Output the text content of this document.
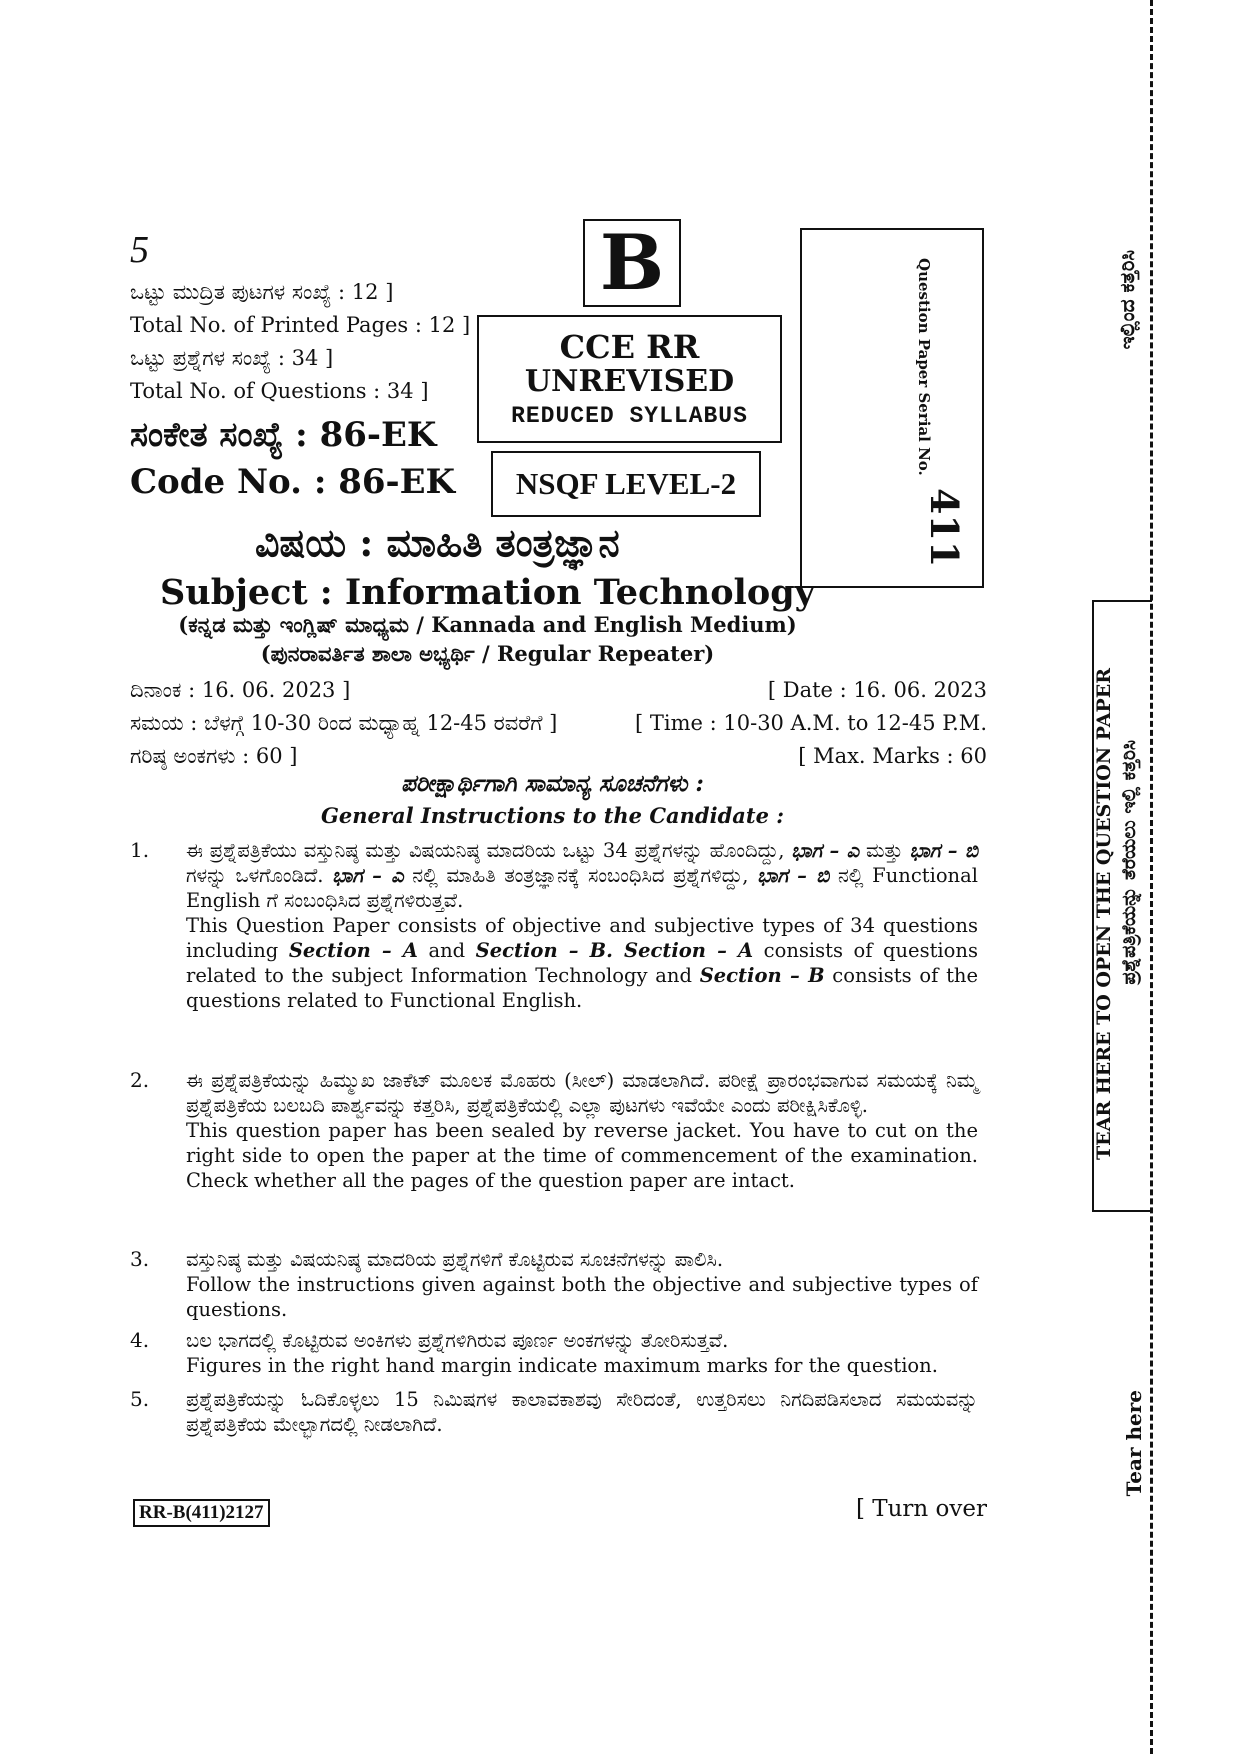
5
ಒಟ್ಟು ಮುದ್ರಿತ ಪುಟಗಳ ಸಂಖ್ಯೆ : 12 ]
Total No. of Printed Pages : 12 ]
ಒಟ್ಟು ಪ್ರಶ್ನೆಗಳ ಸಂಖ್ಯೆ : 34 ]
Total No. of Questions : 34 ]
ಸಂಕೇತ ಸಂಖ್ಯೆ : 86-EK
Code No. : 86-EK
B
CCE RR
UNREVISED
REDUCED SYLLABUS
NSQF LEVEL-2
Question Paper Serial No.
411
ವಿಷಯ : ಮಾಹಿತಿ ತಂತ್ರಜ್ಞಾನ
Subject : Information Technology
(ಕನ್ನಡ ಮತ್ತು ಇಂಗ್ಲಿಷ್ ಮಾಧ್ಯಮ / Kannada and English Medium)
(ಪುನರಾವರ್ತಿತ ಶಾಲಾ ಅಭ್ಯರ್ಥಿ / Regular Repeater)
ದಿನಾಂಕ : 16. 06. 2023 ]	[ Date : 16. 06. 2023
ಸಮಯ : ಬೆಳಗ್ಗೆ 10-30 ರಿಂದ ಮಧ್ಯಾಹ್ನ 12-45 ರವರೆಗೆ ]	[ Time : 10-30 A.M. to 12-45 P.M.
ಗರಿಷ್ಠ ಅಂಕಗಳು : 60 ]	[ Max. Marks : 60
ಪರೀಕ್ಷಾರ್ಥಿಗಾಗಿ ಸಾಮಾನ್ಯ ಸೂಚನೆಗಳು :
General Instructions to the Candidate :
1. ಈ ಪ್ರಶ್ನೆಪತ್ರಿಕೆಯು ವಸ್ತುನಿಷ್ಠ ಮತ್ತು ವಿಷಯನಿಷ್ಠ ಮಾದರಿಯ ಒಟ್ಟು 34 ಪ್ರಶ್ನೆಗಳನ್ನು ಹೊಂದಿದ್ದು, ಭಾಗ – ಎ ಮತ್ತು ಭಾಗ – ಬಿ ಗಳನ್ನು ಒಳಗೊಂಡಿದೆ. ಭಾಗ – ಎ ನಲ್ಲಿ ಮಾಹಿತಿ ತಂತ್ರಜ್ಞಾನಕ್ಕೆ ಸಂಬಂಧಿಸಿದ ಪ್ರಶ್ನೆಗಳಿದ್ದು, ಭಾಗ – ಬಿ ನಲ್ಲಿ Functional English ಗೆ ಸಂಬಂಧಿಸಿದ ಪ್ರಶ್ನೆಗಳಿರುತ್ತವೆ.

This Question Paper consists of objective and subjective types of 34 questions including Section – A and Section – B. Section – A consists of questions related to the subject Information Technology and Section – B consists of the questions related to Functional English.

2. ಈ ಪ್ರಶ್ನೆಪತ್ರಿಕೆಯನ್ನು ಹಿಮ್ಮುಖ ಜಾಕೆಟ್ ಮೂಲಕ ಮೊಹರು (ಸೀಲ್) ಮಾಡಲಾಗಿದೆ. ಪರೀಕ್ಷೆ ಪ್ರಾರಂಭವಾಗುವ ಸಮಯಕ್ಕೆ ನಿಮ್ಮ ಪ್ರಶ್ನೆಪತ್ರಿಕೆಯ ಬಲಬದಿ ಪಾರ್ಶ್ವವನ್ನು ಕತ್ತರಿಸಿ, ಪ್ರಶ್ನೆಪತ್ರಿಕೆಯಲ್ಲಿ ಎಲ್ಲಾ ಪುಟಗಳು ಇವೆಯೇ ಎಂದು ಪರೀಕ್ಷಿಸಿಕೊಳ್ಳಿ.

This question paper has been sealed by reverse jacket. You have to cut on the right side to open the paper at the time of commencement of the examination. Check whether all the pages of the question paper are intact.

3. ವಸ್ತುನಿಷ್ಠ ಮತ್ತು ವಿಷಯನಿಷ್ಠ ಮಾದರಿಯ ಪ್ರಶ್ನೆಗಳಿಗೆ ಕೊಟ್ಟಿರುವ ಸೂಚನೆಗಳನ್ನು ಪಾಲಿಸಿ.

Follow the instructions given against both the objective and subjective types of questions.

4. ಬಲ ಭಾಗದಲ್ಲಿ ಕೊಟ್ಟಿರುವ ಅಂಕಿಗಳು ಪ್ರಶ್ನೆಗಳಿಗಿರುವ ಪೂರ್ಣ ಅಂಕಗಳನ್ನು ತೋರಿಸುತ್ತವೆ.

Figures in the right hand margin indicate maximum marks for the question.

5. ಪ್ರಶ್ನೆಪತ್ರಿಕೆಯನ್ನು ಓದಿಕೊಳ್ಳಲು 15 ನಿಮಿಷಗಳ ಕಾಲಾವಕಾಶವು ಸೇರಿದಂತೆ, ಉತ್ತರಿಸಲು ನಿಗದಿಪಡಿಸಲಾದ ಸಮಯವನ್ನು ಪ್ರಶ್ನೆಪತ್ರಿಕೆಯ ಮೇಲ್ಭಾಗದಲ್ಲಿ ನೀಡಲಾಗಿದೆ.

RR-B(411)2127	[ Turn over
ಇಲ್ಲಿಂದ ಕತ್ತರಿಸಿ
TEAR HERE TO OPEN THE QUESTION PAPER ಪ್ರಶ್ನೆಪತ್ರಿಕೆಯನ್ನು ತೆರೆಯಲು ಇಲ್ಲಿ ಕತ್ತರಿಸಿ
Tear here
